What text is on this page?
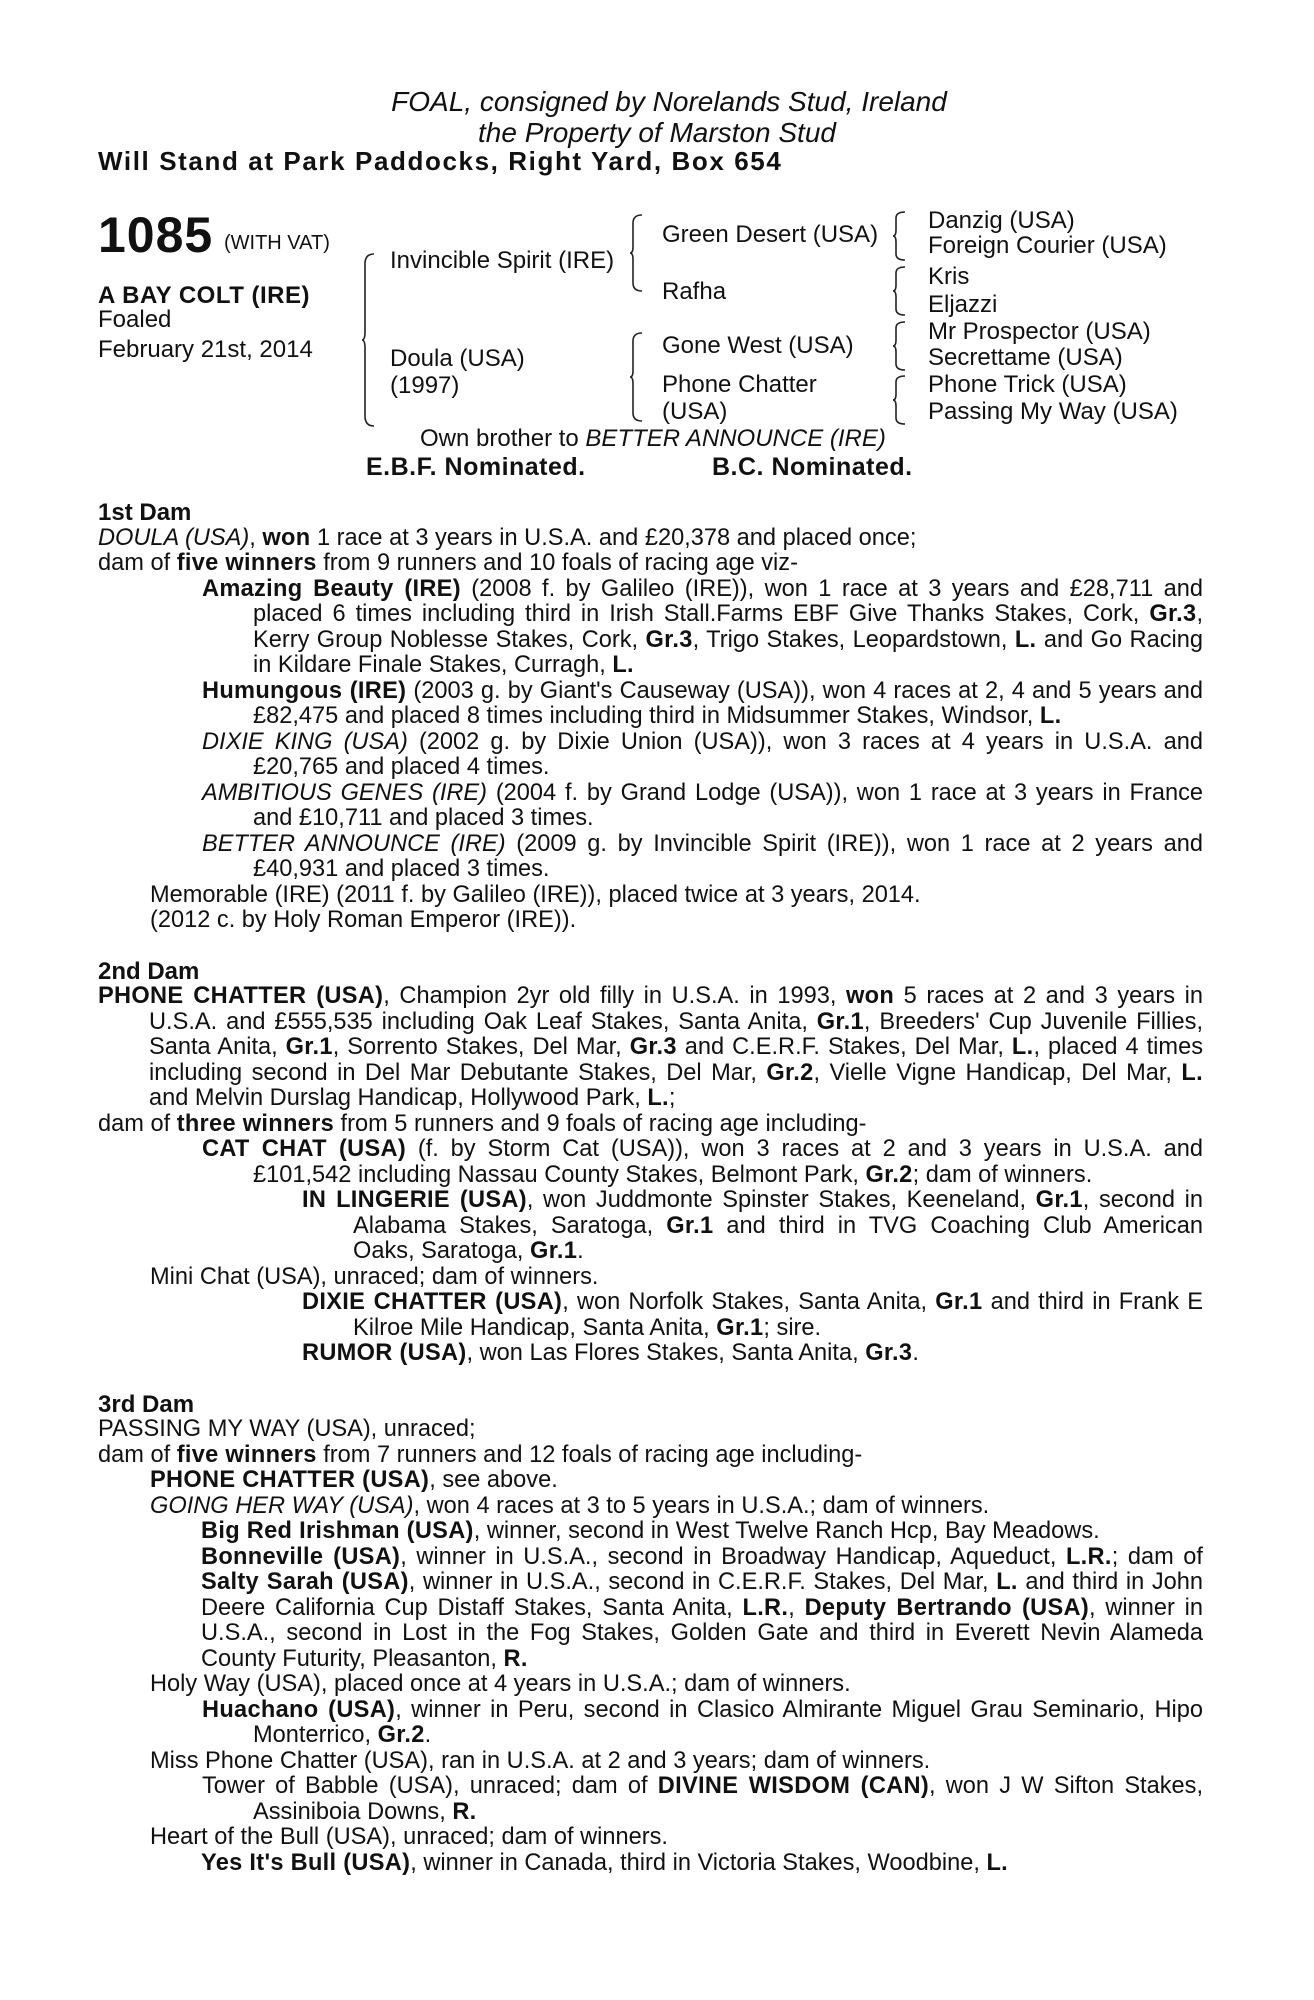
FOAL, consigned by Norelands Stud, Ireland
the Property of Marston Stud
Will Stand at Park Paddocks, Right Yard, Box 654
1085 (WITH VAT)
A BAY COLT (IRE)
Foaled
February 21st, 2014
Invincible Spirit (IRE)
Green Desert (USA)
Rafha
Danzig (USA)
Foreign Courier (USA)
Kris
Eljazzi
Doula (USA)
(1997)
Gone West (USA)
Phone Chatter
(USA)
Mr Prospector (USA)
Secrettame (USA)
Phone Trick (USA)
Passing My Way (USA)
Own brother to BETTER ANNOUNCE (IRE)
E.B.F. Nominated.	B.C. Nominated.
1st Dam

DOULA (USA), won 1 race at 3 years in U.S.A. and £20,378 and placed once;

dam of five winners from 9 runners and 10 foals of racing age viz-

Amazing Beauty (IRE) (2008 f. by Galileo (IRE)), won 1 race at 3 years and £28,711 and placed 6 times including third in Irish Stall.Farms EBF Give Thanks Stakes, Cork, Gr.3, Kerry Group Noblesse Stakes, Cork, Gr.3, Trigo Stakes, Leopardstown, L. and Go Racing in Kildare Finale Stakes, Curragh, L.

Humungous (IRE) (2003 g. by Giant's Causeway (USA)), won 4 races at 2, 4 and 5 years and £82,475 and placed 8 times including third in Midsummer Stakes, Windsor, L.

DIXIE KING (USA) (2002 g. by Dixie Union (USA)), won 3 races at 4 years in U.S.A. and £20,765 and placed 4 times.

AMBITIOUS GENES (IRE) (2004 f. by Grand Lodge (USA)), won 1 race at 3 years in France and £10,711 and placed 3 times.

BETTER ANNOUNCE (IRE) (2009 g. by Invincible Spirit (IRE)), won 1 race at 2 years and £40,931 and placed 3 times.

Memorable (IRE) (2011 f. by Galileo (IRE)), placed twice at 3 years, 2014.

(2012 c. by Holy Roman Emperor (IRE)).

2nd Dam

PHONE CHATTER (USA), Champion 2yr old filly in U.S.A. in 1993, won 5 races at 2 and 3 years in U.S.A. and £555,535 including Oak Leaf Stakes, Santa Anita, Gr.1, Breeders' Cup Juvenile Fillies, Santa Anita, Gr.1, Sorrento Stakes, Del Mar, Gr.3 and C.E.R.F. Stakes, Del Mar, L., placed 4 times including second in Del Mar Debutante Stakes, Del Mar, Gr.2, Vielle Vigne Handicap, Del Mar, L. and Melvin Durslag Handicap, Hollywood Park, L.;

dam of three winners from 5 runners and 9 foals of racing age including-

CAT CHAT (USA) (f. by Storm Cat (USA)), won 3 races at 2 and 3 years in U.S.A. and £101,542 including Nassau County Stakes, Belmont Park, Gr.2; dam of winners.

IN LINGERIE (USA), won Juddmonte Spinster Stakes, Keeneland, Gr.1, second in Alabama Stakes, Saratoga, Gr.1 and third in TVG Coaching Club American Oaks, Saratoga, Gr.1.

Mini Chat (USA), unraced; dam of winners.

DIXIE CHATTER (USA), won Norfolk Stakes, Santa Anita, Gr.1 and third in Frank E Kilroe Mile Handicap, Santa Anita, Gr.1; sire.

RUMOR (USA), won Las Flores Stakes, Santa Anita, Gr.3.

3rd Dam

PASSING MY WAY (USA), unraced;

dam of five winners from 7 runners and 12 foals of racing age including-

PHONE CHATTER (USA), see above.

GOING HER WAY (USA), won 4 races at 3 to 5 years in U.S.A.; dam of winners.

Big Red Irishman (USA), winner, second in West Twelve Ranch Hcp, Bay Meadows.

Bonneville (USA), winner in U.S.A., second in Broadway Handicap, Aqueduct, L.R.; dam of Salty Sarah (USA), winner in U.S.A., second in C.E.R.F. Stakes, Del Mar, L. and third in John Deere California Cup Distaff Stakes, Santa Anita, L.R., Deputy Bertrando (USA), winner in U.S.A., second in Lost in the Fog Stakes, Golden Gate and third in Everett Nevin Alameda County Futurity, Pleasanton, R.

Holy Way (USA), placed once at 4 years in U.S.A.; dam of winners.

Huachano (USA), winner in Peru, second in Clasico Almirante Miguel Grau Seminario, Hipo Monterrico, Gr.2.

Miss Phone Chatter (USA), ran in U.S.A. at 2 and 3 years; dam of winners.

Tower of Babble (USA), unraced; dam of DIVINE WISDOM (CAN), won J W Sifton Stakes, Assiniboia Downs, R.

Heart of the Bull (USA), unraced; dam of winners.

Yes It's Bull (USA), winner in Canada, third in Victoria Stakes, Woodbine, L.
